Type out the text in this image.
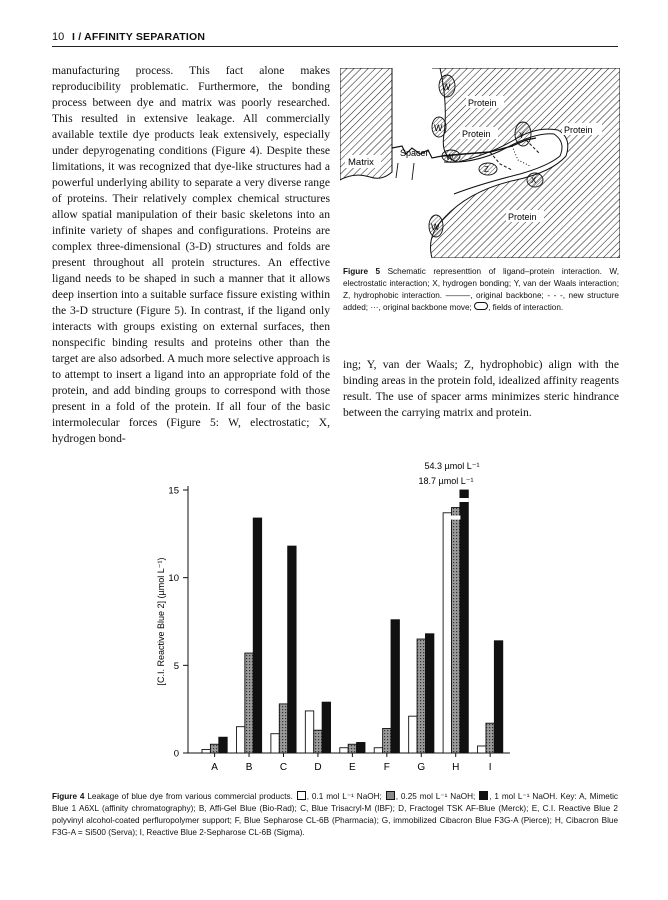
10 I / AFFINITY SEPARATION

manufacturing process. This fact alone makes reproducibility problematic. Furthermore, the bonding process between dye and matrix was poorly researched. This resulted in extensive leakage. All commercially available textile dye products leak extensively, especially under depyrogenating conditions (Figure 4). Despite these limitations, it was recognized that dye-like structures had a powerful underlying ability to separate a very diverse range of proteins. Their relatively complex chemical structures allow spatial manipulation of their basic skeletons into an infinite variety of shapes and configurations. Proteins are complex three-dimensional (3-D) structures and folds are present throughout all protein structures. An effective ligand needs to be shaped in such a manner that it allows deep insertion into a suitable surface fissure existing within the 3-D structure (Figure 5). In contrast, if the ligand only interacts with groups existing on external surfaces, then nonspecific binding results and proteins other than the target are also adsorbed. A much more selective approach is to attempt to insert a ligand into an appropriate fold of the protein, and add binding groups to correspond with those present in a fold of the protein. If all four of the basic intermolecular forces (Figure 5: W, electrostatic; X, hydrogen bond-

Matrix
Spacer
Protein
Protein	Protein
Protein
W
W
W
Z
Y
X
W
Figure 5 Schematic representtion of ligand–protein interaction. W, electrostatic interaction; X, hydrogen bonding; Y, van der Waals interaction; Z, hydrophobic interaction. ———, original backbone; - - -, new structure added; ···, original backbone move; , fields of interaction.

ing; Y, van der Waals; Z, hydrophobic) align with the binding areas in the protein fold, idealized affinity reagents result. The use of spacer arms minimizes steric hindrance between the carrying matrix and protein.

0
5
10
15
[C.I. Reactive Blue 2] (µmol L⁻¹)
A	B	C	D	E	F	G	H	I
54.3 µmol L⁻¹
18.7 µmol L⁻¹
Figure 4 Leakage of blue dye from various commercial products. , 0.1 mol L⁻¹ NaOH; , 0.25 mol L⁻¹ NaOH; , 1 mol L⁻¹ NaOH. Key: A, Mimetic Blue 1 A6XL (affinity chromatography); B, Affi-Gel Blue (Bio-Rad); C, Blue Trisacryl-M (IBF); D, Fractogel TSK AF-Blue (Merck); E, C.I. Reactive Blue 2 polyvinyl alcohol-coated perfluropolymer support; F, Blue Sepharose CL-6B (Pharmacia); G, immobilized Cibacron Blue F3G-A (Pierce); H, Cibacron Blue F3G-A = Si500 (Serva); I, Reactive Blue 2-Sepharose CL-6B (Sigma).
